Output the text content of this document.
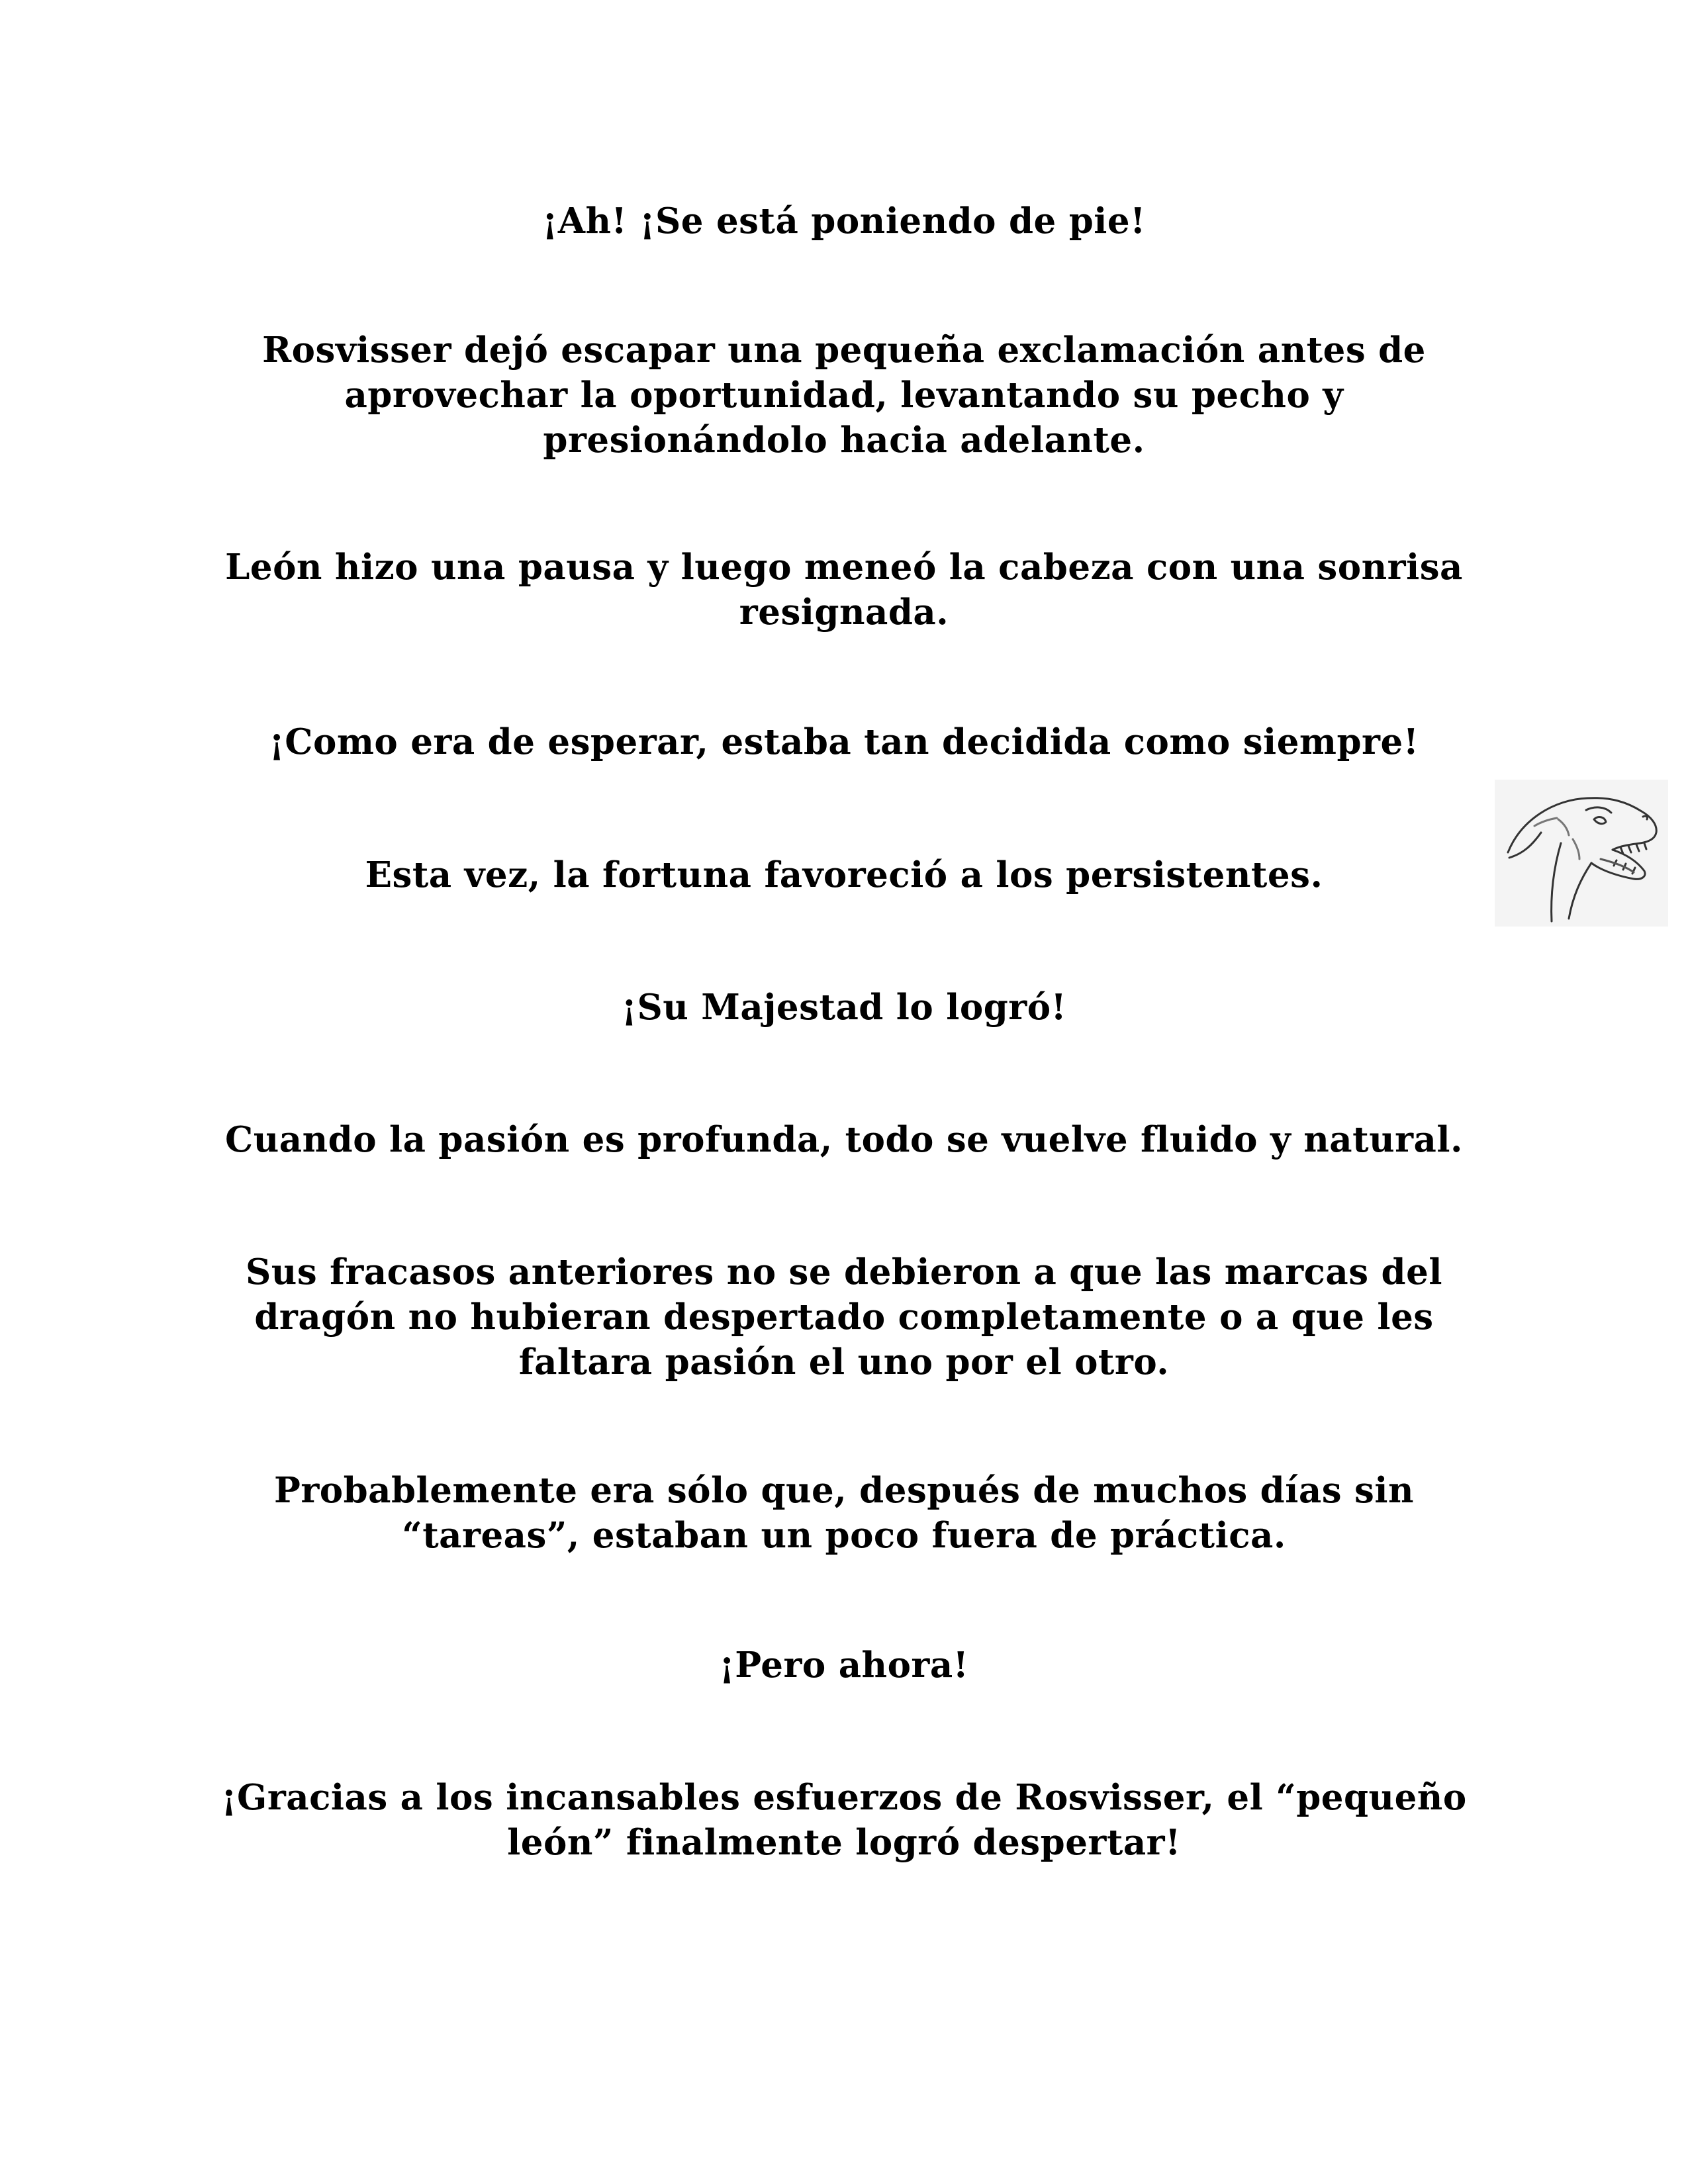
¡Ah! ¡Se está poniendo de pie!

Rosvisser dejó escapar una pequeña exclamación antes de aprovechar la oportunidad, levantando su pecho y presionándolo hacia adelante.

León hizo una pausa y luego meneó la cabeza con una sonrisa resignada.

¡Como era de esperar, estaba tan decidida como siempre!

Esta vez, la fortuna favoreció a los persistentes.

¡Su Majestad lo logró!

Cuando la pasión es profunda, todo se vuelve fluido y natural.

Sus fracasos anteriores no se debieron a que las marcas del dragón no hubieran despertado completamente o a que les faltara pasión el uno por el otro.

Probablemente era sólo que, después de muchos días sin “tareas”, estaban un poco fuera de práctica.

¡Pero ahora!

¡Gracias a los incansables esfuerzos de Rosvisser, el “pequeño león” finalmente logró despertar!
